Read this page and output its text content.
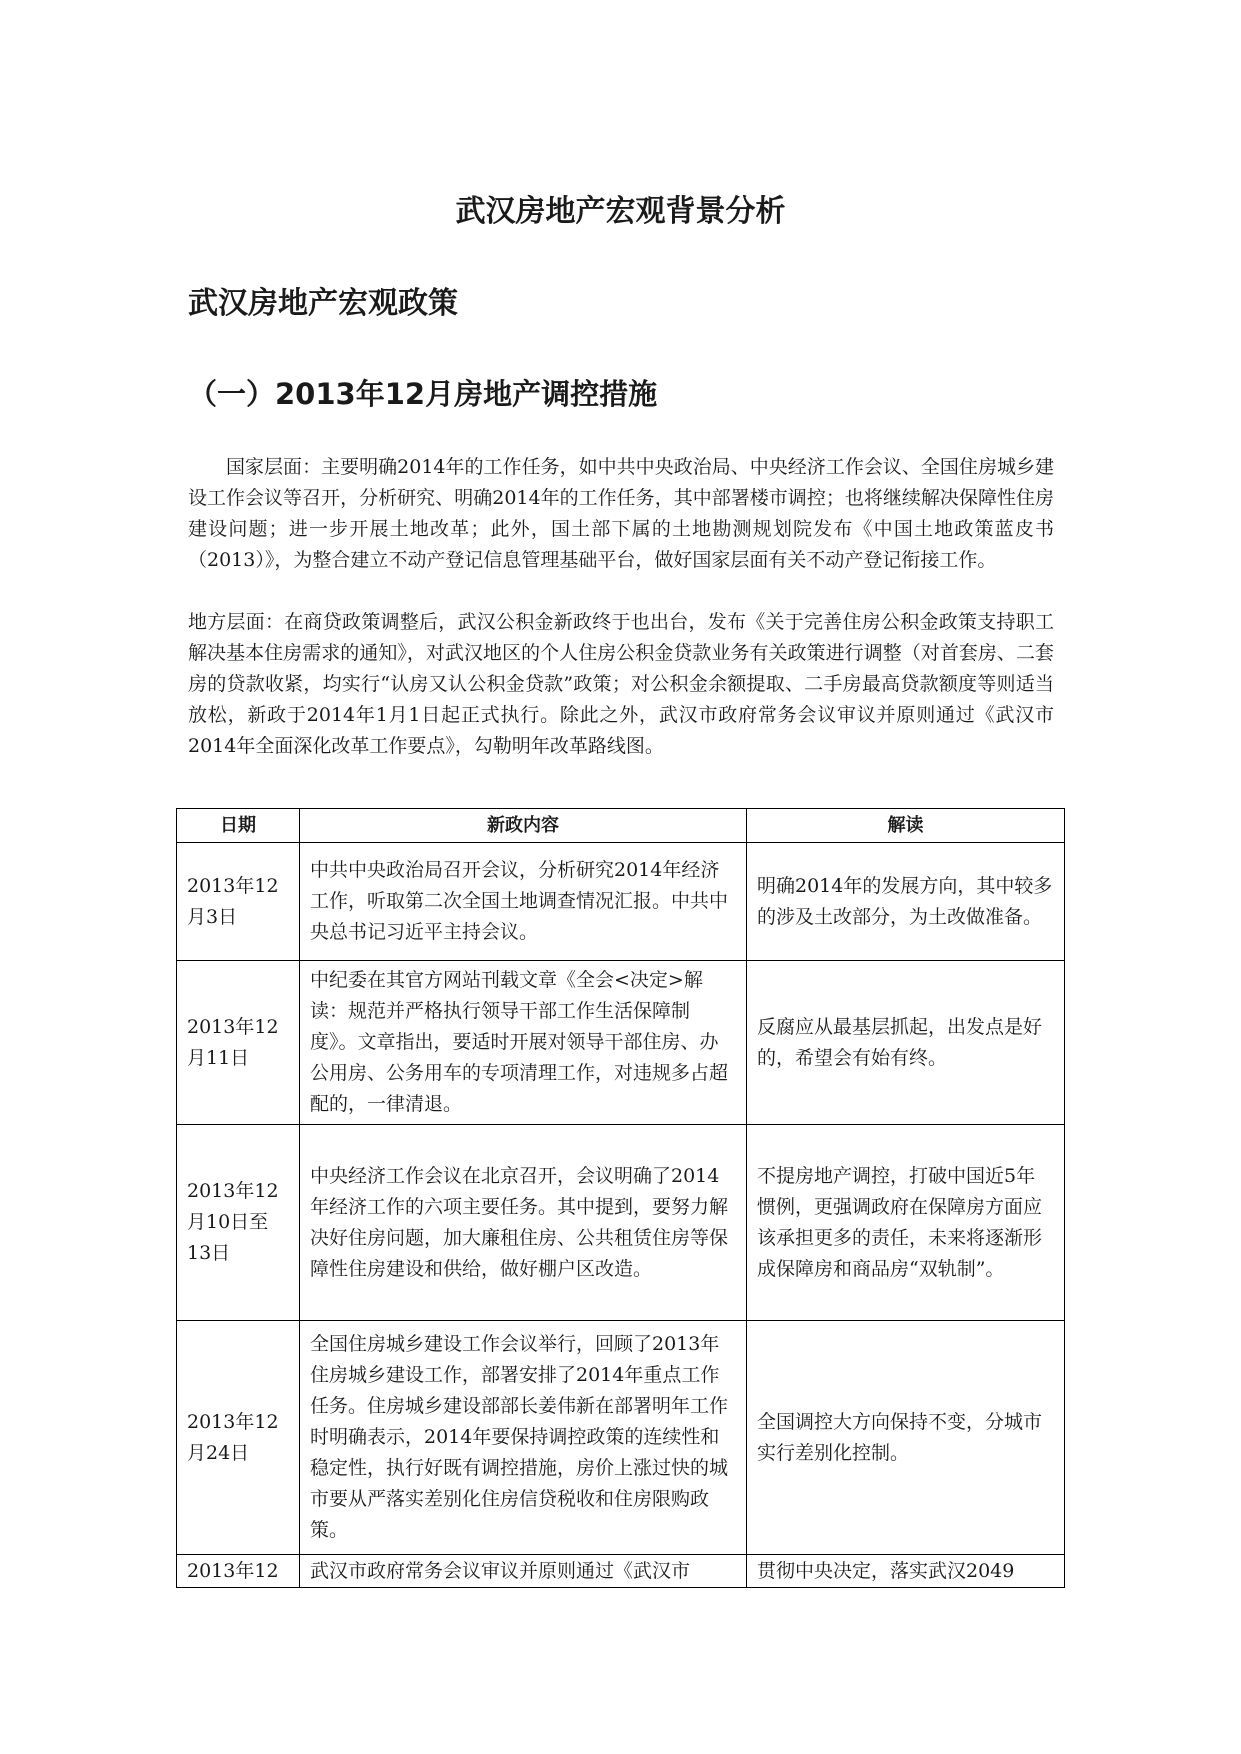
武汉房地产宏观背景分析
武汉房地产宏观政策
（一）2013年12月房地产调控措施

国家层面：主要明确2014年的工作任务，如中共中央政治局、中央经济工作会议、全国住房城乡建设工作会议等召开，分析研究、明确2014年的工作任务，其中部署楼市调控；也将继续解决保障性住房建设问题；进一步开展土地改革；此外，国土部下属的土地勘测规划院发布《中国土地政策蓝皮书（2013）》，为整合建立不动产登记信息管理基础平台，做好国家层面有关不动产登记衔接工作。

地方层面：在商贷政策调整后，武汉公积金新政终于也出台，发布《关于完善住房公积金政策支持职工解决基本住房需求的通知》，对武汉地区的个人住房公积金贷款业务有关政策进行调整（对首套房、二套房的贷款收紧，均实行“认房又认公积金贷款”政策；对公积金余额提取、二手房最高贷款额度等则适当放松，新政于2014年1月1日起正式执行。除此之外，武汉市政府常务会议审议并原则通过《武汉市2014年全面深化改革工作要点》，勾勒明年改革路线图。

日期	新政内容	解读
2013年12月3日	中共中央政治局召开会议，分析研究2014年经济工作，听取第二次全国土地调查情况汇报。中共中央总书记习近平主持会议。	明确2014年的发展方向，其中较多的涉及土改部分，为土改做准备。
2013年12月11日	中纪委在其官方网站刊载文章《全会<决定>解读：规范并严格执行领导干部工作生活保障制度》。文章指出，要适时开展对领导干部住房、办公用房、公务用车的专项清理工作，对违规多占超配的，一律清退。	反腐应从最基层抓起，出发点是好的，希望会有始有终。
2013年12月10日至13日	中央经济工作会议在北京召开，会议明确了2014年经济工作的六项主要任务。其中提到，要努力解决好住房问题，加大廉租住房、公共租赁住房等保障性住房建设和供给，做好棚户区改造。	不提房地产调控，打破中国近5年惯例，更强调政府在保障房方面应该承担更多的责任，未来将逐渐形成保障房和商品房“双轨制”。
2013年12月24日	全国住房城乡建设工作会议举行，回顾了2013年住房城乡建设工作，部署安排了2014年重点工作任务。住房城乡建设部部长姜伟新在部署明年工作时明确表示，2014年要保持调控政策的连续性和稳定性，执行好既有调控措施，房价上涨过快的城市要从严落实差别化住房信贷税收和住房限购政策。	全国调控大方向保持不变，分城市实行差别化控制。
2013年12	武汉市政府常务会议审议并原则通过《武汉市	贯彻中央决定，落实武汉2049
